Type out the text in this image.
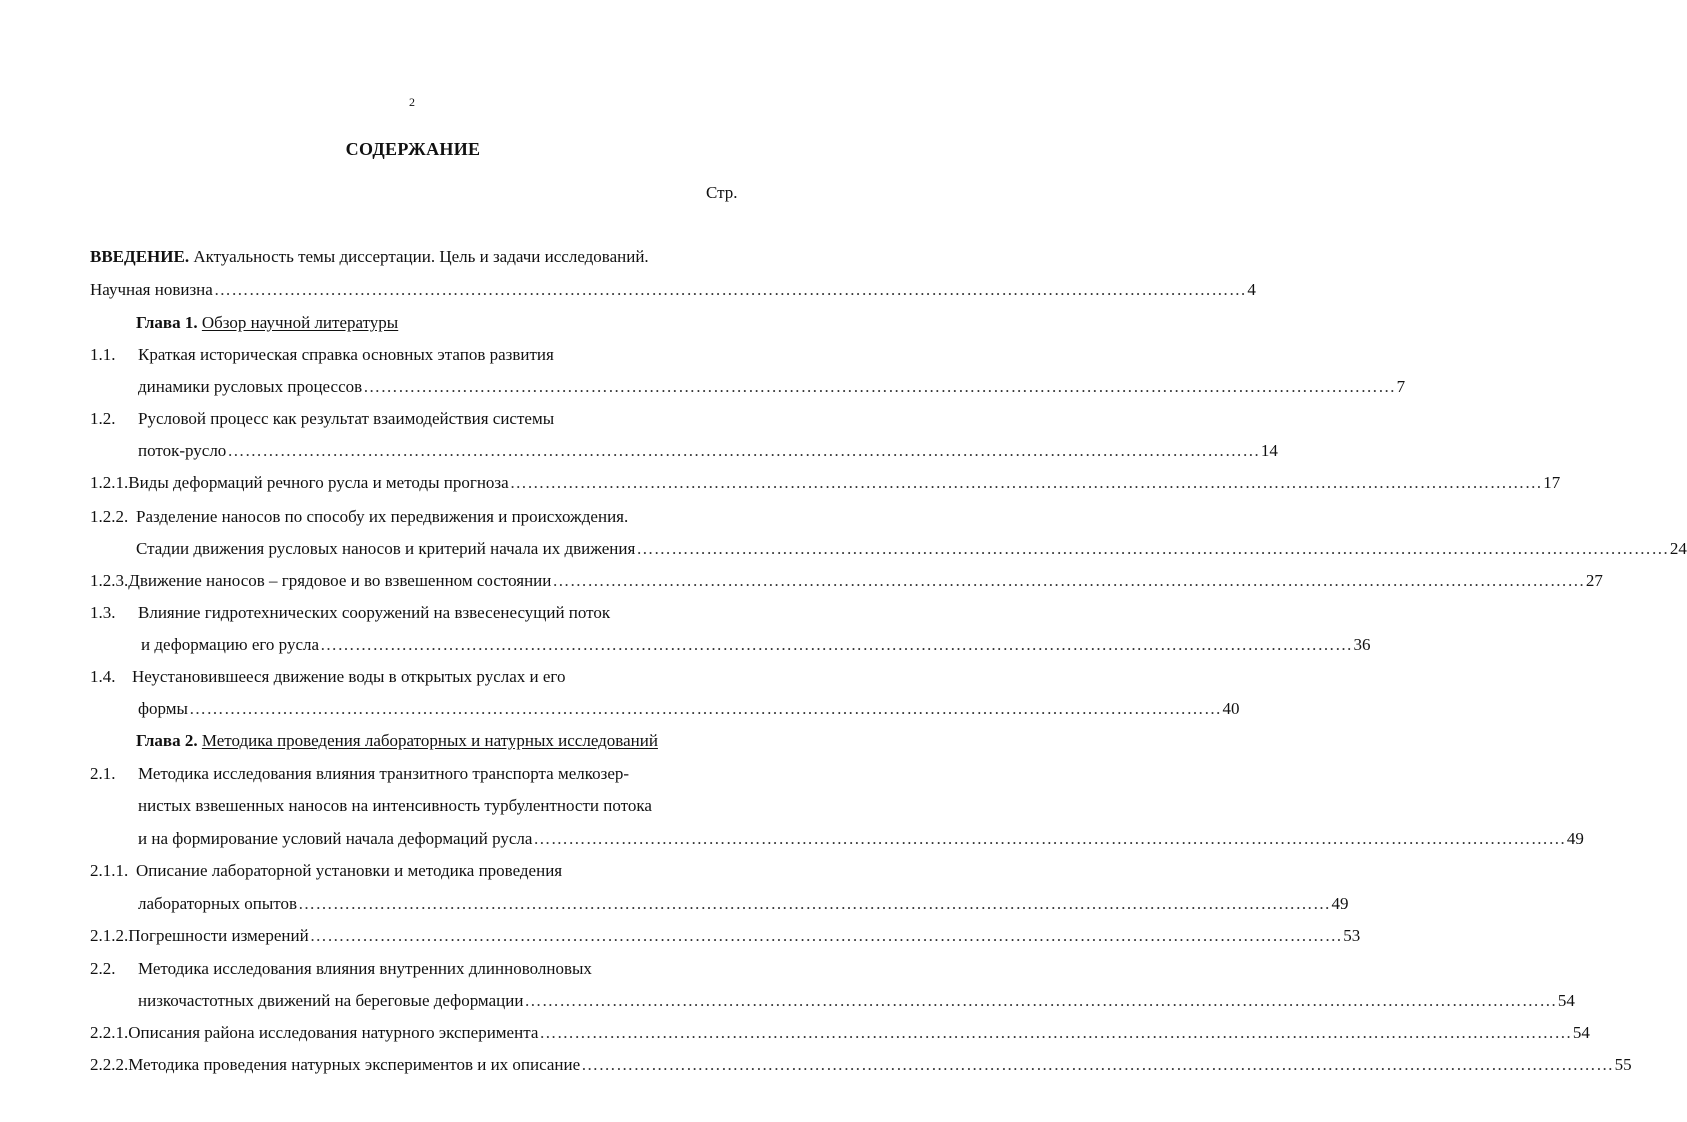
2
СОДЕРЖАНИЕ
Стр.
ВВЕДЕНИЕ. Актуальность темы диссертации. Цель и задачи исследований.
Научная новизна …………………………………………………………………………………………………………………………………………………………… 4
Глава 1. Обзор научной литературы
1.1. Краткая историческая справка основных этапов развития
динамики русловых процессов …………………………………………………………………………………………………………………………………………………………… 7
1.2. Русловой процесс как результат взаимодействия системы
поток-русло …………………………………………………………………………………………………………………………………………………………… 14
1.2.1. Виды деформаций речного русла и методы прогноза …………………………………………………………………………………………………………………………………………………………… 17
1.2.2. Разделение наносов по способу их передвижения и происхождения.
Стадии движения русловых наносов и критерий начала их движения …………………………………………………………………………………………………………………………………………………………… 24
1.2.3. Движение наносов – грядовое и во взвешенном состоянии …………………………………………………………………………………………………………………………………………………………… 27
1.3. Влияние гидротехнических сооружений на взвесенесущий поток
и деформацию его русла …………………………………………………………………………………………………………………………………………………………… 36
1.4. Неустановившееся движение воды в открытых руслах и его
формы …………………………………………………………………………………………………………………………………………………………… 40
Глава 2. Методика проведения лабораторных и натурных исследований
2.1. Методика исследования влияния транзитного транспорта мелкозер-
нистых взвешенных наносов на интенсивность турбулентности потока
и на формирование условий начала деформаций русла …………………………………………………………………………………………………………………………………………………………… 49
2.1.1. Описание лабораторной установки и методика проведения
лабораторных опытов …………………………………………………………………………………………………………………………………………………………… 49
2.1.2. Погрешности измерений …………………………………………………………………………………………………………………………………………………………… 53
2.2. Методика исследования влияния внутренних длинноволновых
низкочастотных движений на береговые деформации …………………………………………………………………………………………………………………………………………………………… 54
2.2.1. Описания района исследования натурного эксперимента …………………………………………………………………………………………………………………………………………………………… 54
2.2.2. Методика проведения натурных экспериментов и их описание …………………………………………………………………………………………………………………………………………………………… 55
